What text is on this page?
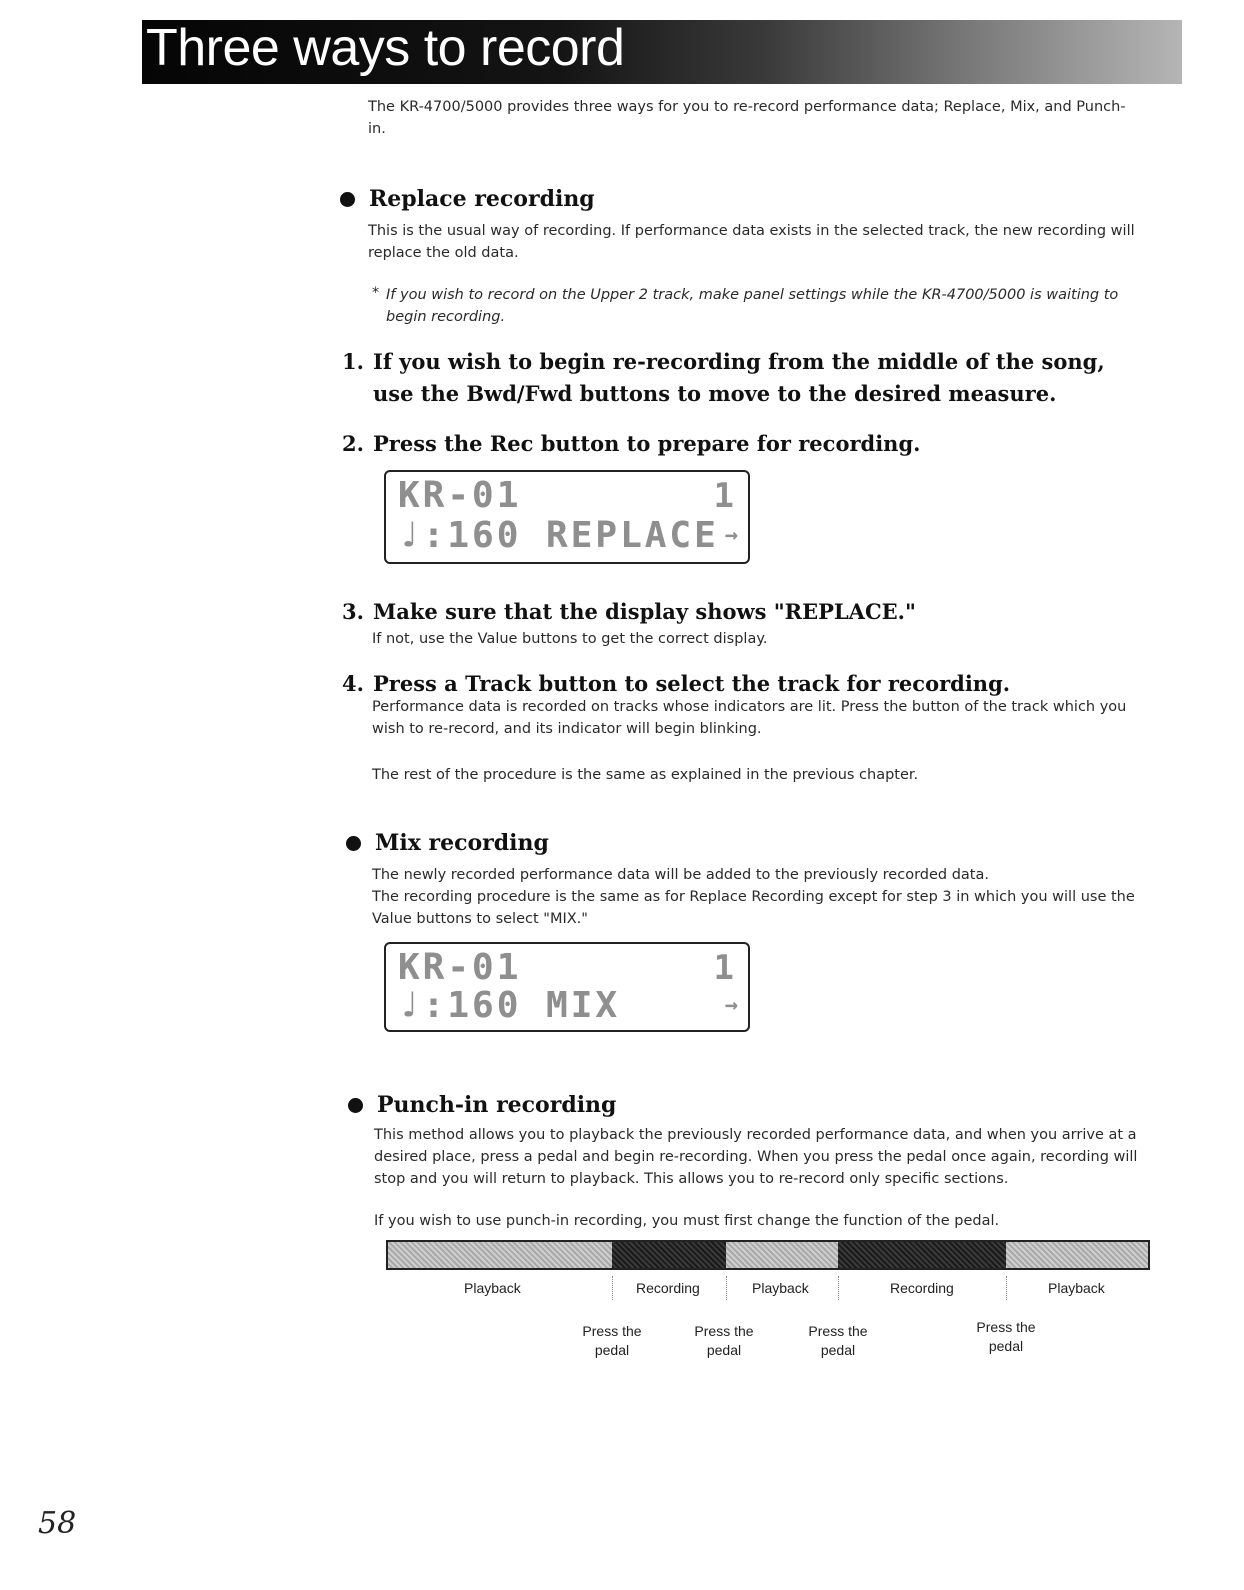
Three ways to record
The KR-4700/5000 provides three ways for you to re-record performance data; Replace, Mix, and Punch-in.
Replace recording
This is the usual way of recording. If performance data exists in the selected track, the new recording will replace the old data.
* If you wish to record on the Upper 2 track, make panel settings while the KR-4700/5000 is waiting to begin recording.
1. If you wish to begin re-recording from the middle of the song, use the Bwd/Fwd buttons to move to the desired measure.
2. Press the Rec button to prepare for recording.
KR-01	1
♩:160 REPLACE →
3. Make sure that the display shows "REPLACE."
If not, use the Value buttons to get the correct display.
4. Press a Track button to select the track for recording.
Performance data is recorded on tracks whose indicators are lit. Press the button of the track which you wish to re-record, and its indicator will begin blinking.
The rest of the procedure is the same as explained in the previous chapter.
Mix recording
The newly recorded performance data will be added to the previously recorded data.
The recording procedure is the same as for Replace Recording except for step 3 in which you will use the Value buttons to select "MIX."
KR-01	1
♩:160 MIX	→
Punch-in recording
This method allows you to playback the previously recorded performance data, and when you arrive at a desired place, press a pedal and begin re-recording. When you press the pedal once again, recording will stop and you will return to playback. This allows you to re-record only specific sections.
If you wish to use punch-in recording, you must first change the function of the pedal.
Playback	Recording	Playback	Recording	Playback
Press the
pedal
Press the
pedal
Press the
pedal
Press the
pedal
58
